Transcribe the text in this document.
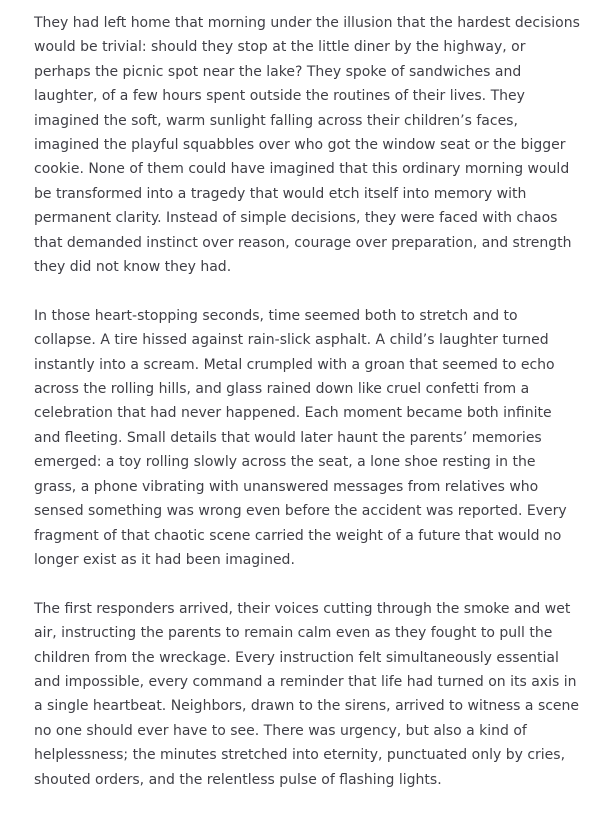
They had left home that morning under the illusion that the hardest decisions would be trivial: should they stop at the little diner by the highway, or perhaps the picnic spot near the lake? They spoke of sandwiches and laughter, of a few hours spent outside the routines of their lives. They imagined the soft, warm sunlight falling across their children’s faces, imagined the playful squabbles over who got the window seat or the bigger cookie. None of them could have imagined that this ordinary morning would be transformed into a tragedy that would etch itself into memory with permanent clarity. Instead of simple decisions, they were faced with chaos that demanded instinct over reason, courage over preparation, and strength they did not know they had.

In those heart-stopping seconds, time seemed both to stretch and to collapse. A tire hissed against rain-slick asphalt. A child’s laughter turned instantly into a scream. Metal crumpled with a groan that seemed to echo across the rolling hills, and glass rained down like cruel confetti from a celebration that had never happened. Each moment became both infinite and fleeting. Small details that would later haunt the parents’ memories emerged: a toy rolling slowly across the seat, a lone shoe resting in the grass, a phone vibrating with unanswered messages from relatives who sensed something was wrong even before the accident was reported. Every fragment of that chaotic scene carried the weight of a future that would no longer exist as it had been imagined.

The first responders arrived, their voices cutting through the smoke and wet air, instructing the parents to remain calm even as they fought to pull the children from the wreckage. Every instruction felt simultaneously essential and impossible, every command a reminder that life had turned on its axis in a single heartbeat. Neighbors, drawn to the sirens, arrived to witness a scene no one should ever have to see. There was urgency, but also a kind of helplessness; the minutes stretched into eternity, punctuated only by cries, shouted orders, and the relentless pulse of flashing lights.
